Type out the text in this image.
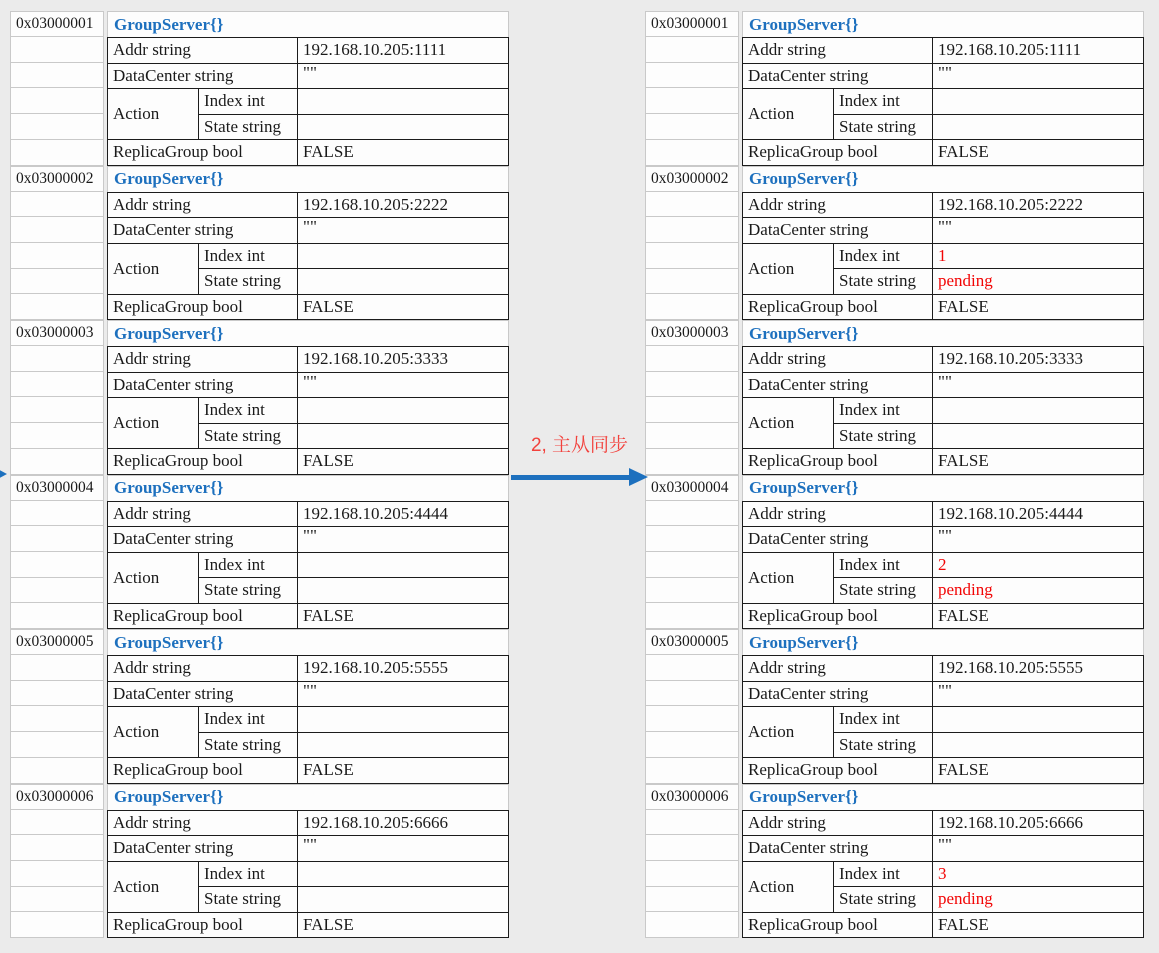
0x03000001	GroupServer{}
Addr string		192.168.10.205:1111
DataCenter string		""
Action	Index int	
	State string	
ReplicaGroup bool		FALSE
0x03000002	GroupServer{}
Addr string		192.168.10.205:2222
DataCenter string		""
Action	Index int	
	State string	
ReplicaGroup bool		FALSE
0x03000003	GroupServer{}
Addr string		192.168.10.205:3333
DataCenter string		""
Action	Index int	
	State string	
ReplicaGroup bool		FALSE
0x03000004	GroupServer{}
Addr string		192.168.10.205:4444
DataCenter string		""
Action	Index int	
	State string	
ReplicaGroup bool		FALSE
0x03000005	GroupServer{}
Addr string		192.168.10.205:5555
DataCenter string		""
Action	Index int	
	State string	
ReplicaGroup bool		FALSE
0x03000006	GroupServer{}
Addr string		192.168.10.205:6666
DataCenter string		""
Action	Index int	
	State string	
ReplicaGroup bool		FALSE
0x03000001	GroupServer{}
Addr string		192.168.10.205:1111
DataCenter string		""
Action	Index int	
	State string	
ReplicaGroup bool		FALSE
0x03000002	GroupServer{}
Addr string		192.168.10.205:2222
DataCenter string		""
Action	Index int	1
	State string	pending
ReplicaGroup bool		FALSE
0x03000003	GroupServer{}
Addr string		192.168.10.205:3333
DataCenter string		""
Action	Index int	
	State string	
ReplicaGroup bool		FALSE
0x03000004	GroupServer{}
Addr string		192.168.10.205:4444
DataCenter string		""
Action	Index int	2
	State string	pending
ReplicaGroup bool		FALSE
0x03000005	GroupServer{}
Addr string		192.168.10.205:5555
DataCenter string		""
Action	Index int	
	State string	
ReplicaGroup bool		FALSE
0x03000006	GroupServer{}
Addr string		192.168.10.205:6666
DataCenter string		""
Action	Index int	3
	State string	pending
ReplicaGroup bool		FALSE
2, 主从同步
